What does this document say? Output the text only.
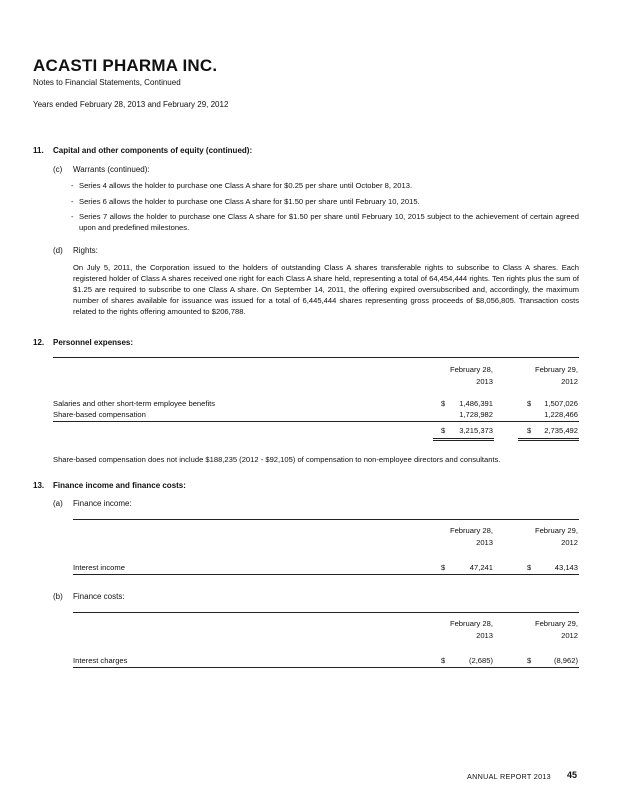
ACASTI PHARMA INC.
Notes to Financial Statements, Continued
Years ended February 28, 2013 and February 29, 2012
11. Capital and other components of equity (continued):
(c) Warrants (continued):
- Series 4 allows the holder to purchase one Class A share for $0.25 per share until October 8, 2013.
- Series 6 allows the holder to purchase one Class A share for $1.50 per share until February 10, 2015.
- Series 7 allows the holder to purchase one Class A share for $1.50 per share until February 10, 2015 subject to the achievement of certain agreed upon and predefined milestones.
(d) Rights:
On July 5, 2011, the Corporation issued to the holders of outstanding Class A shares transferable rights to subscribe to Class A shares. Each registered holder of Class A shares received one right for each Class A share held, representing a total of 64,454,444 rights. Ten rights plus the sum of $1.25 are required to subscribe to one Class A share. On September 14, 2011, the offering expired oversubscribed and, accordingly, the maximum number of shares available for issuance was issued for a total of 6,445,444 shares representing gross proceeds of $8,056,805. Transaction costs related to the rights offering amounted to $206,788.
12. Personnel expenses:
February 28,
2013
February 29,
2012
Salaries and other short-term employee benefits	$	1,486,391	$	1,507,026
Share-based compensation	1,728,982	1,228,466
$	3,215,373	$	2,735,492
Share-based compensation does not include $188,235 (2012 - $92,105) of compensation to non-employee directors and consultants.
13. Finance income and finance costs:
(a) Finance income:
February 28,
2013
February 29,
2012
Interest income	$	47,241	$	43,143
(b) Finance costs:
February 28,
2013
February 29,
2012
Interest charges	$	(2,685)	$	(8,962)
ANNUAL REPORT 2013 45
